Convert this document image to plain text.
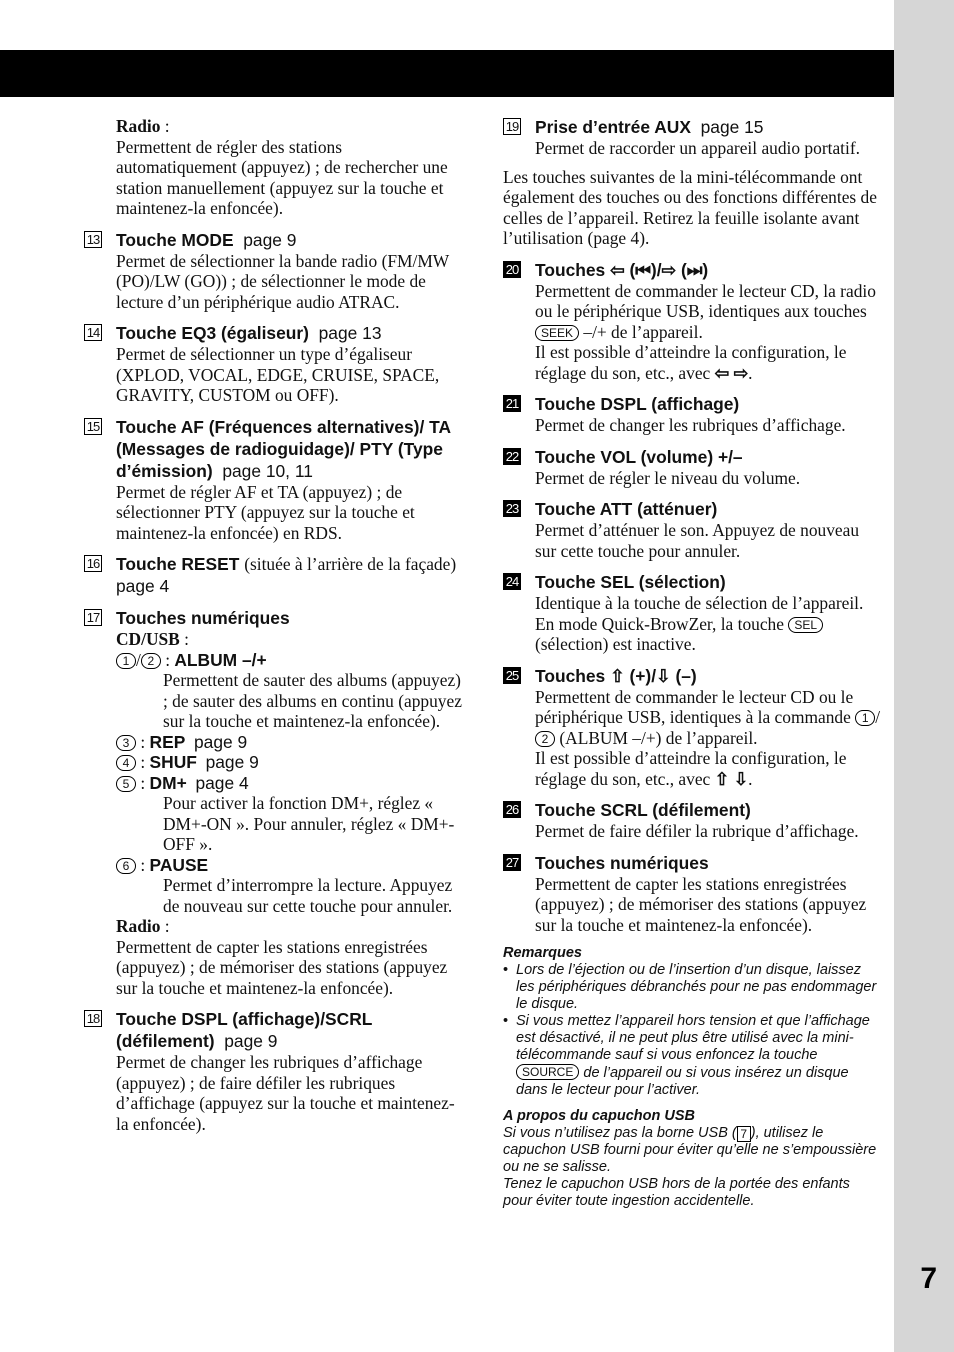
7
Radio :
Permettent de régler des stations automatiquement (appuyez) ; de rechercher une station manuellement (appuyez sur la touche et maintenez-la enfoncée).
13 Touche MODE page 9
Permet de sélectionner la bande radio (FM/MW (PO)/LW (GO)) ; de sélectionner le mode de lecture d’un périphérique audio ATRAC.
14 Touche EQ3 (égaliseur) page 13
Permet de sélectionner un type d’égaliseur (XPLOD, VOCAL, EDGE, CRUISE, SPACE, GRAVITY, CUSTOM ou OFF).
15 Touche AF (Fréquences alternatives)/ TA (Messages de radioguidage)/ PTY (Type d’émission) page 10, 11
Permet de régler AF et TA (appuyez) ; de sélectionner PTY (appuyez sur la touche et maintenez-la enfoncée) en RDS.
16 Touche RESET (située à l’arrière de la façade)  page 4
17 Touches numériques
CD/USB :
1 / 2 : ALBUM –/+
Permettent de sauter des albums (appuyez) ; de sauter des albums en continu (appuyez sur la touche et maintenez-la enfoncée).
3 : REP page 9
4 : SHUF page 9
5 : DM+ page 4
Pour activer la fonction DM+, réglez « DM+-ON ». Pour annuler, réglez « DM+-OFF ».
6 : PAUSE
Permet d’interrompre la lecture. Appuyez de nouveau sur cette touche pour annuler.
Radio :
Permettent de capter les stations enregistrées (appuyez) ; de mémoriser des stations (appuyez sur la touche et maintenez-la enfoncée).
18 Touche DSPL (affichage)/SCRL (défilement) page 9
Permet de changer les rubriques d’affichage (appuyez) ; de faire défiler les rubriques d’affichage (appuyez sur la touche et maintenez-la enfoncée).
19 Prise d’entrée AUX page 15
Permet de raccorder un appareil audio portatif.
Les touches suivantes de la mini-télécommande ont également des touches ou des fonctions différentes de celles de l’appareil. Retirez la feuille isolante avant l’utilisation (page 4).
20 Touches ⇦ (⏮)/⇨ (⏭)
Permettent de commander le lecteur CD, la radio ou le périphérique USB, identiques aux touches SEEK –/+ de l’appareil.
Il est possible d’atteindre la configuration, le réglage du son, etc., avec ⇦ ⇨.
21 Touche DSPL (affichage)
Permet de changer les rubriques d’affichage.
22 Touche VOL (volume) +/–
Permet de régler le niveau du volume.
23 Touche ATT (atténuer)
Permet d’atténuer le son. Appuyez de nouveau sur cette touche pour annuler.
24 Touche SEL (sélection)
Identique à la touche de sélection de l’appareil.
En mode Quick-BrowZer, la touche SEL (sélection) est inactive.
25 Touches ⇧ (+)/⇩ (–)
Permettent de commander le lecteur CD ou le périphérique USB, identiques à la commande 1 /2 (ALBUM –/+) de l’appareil.
Il est possible d’atteindre la configuration, le réglage du son, etc., avec ⇧ ⇩.
26 Touche SCRL (défilement)
Permet de faire défiler la rubrique d’affichage.
27 Touches numériques
Permettent de capter les stations enregistrées (appuyez) ; de mémoriser des stations (appuyez sur la touche et maintenez-la enfoncée).
Remarques
• Lors de l’éjection ou de l’insertion d’un disque, laissez les périphériques débranchés pour ne pas endommager le disque.
• Si vous mettez l’appareil hors tension et que l’affichage est désactivé, il ne peut plus être utilisé avec la mini-télécommande sauf si vous enfoncez la touche SOURCE de l’appareil ou si vous insérez un disque dans le lecteur pour l’activer.
A propos du capuchon USB
Si vous n’utilisez pas la borne USB ( 7 ), utilisez le capuchon USB fourni pour éviter qu’elle ne s’empoussière ou ne se salisse.
Tenez le capuchon USB hors de la portée des enfants pour éviter toute ingestion accidentelle.
